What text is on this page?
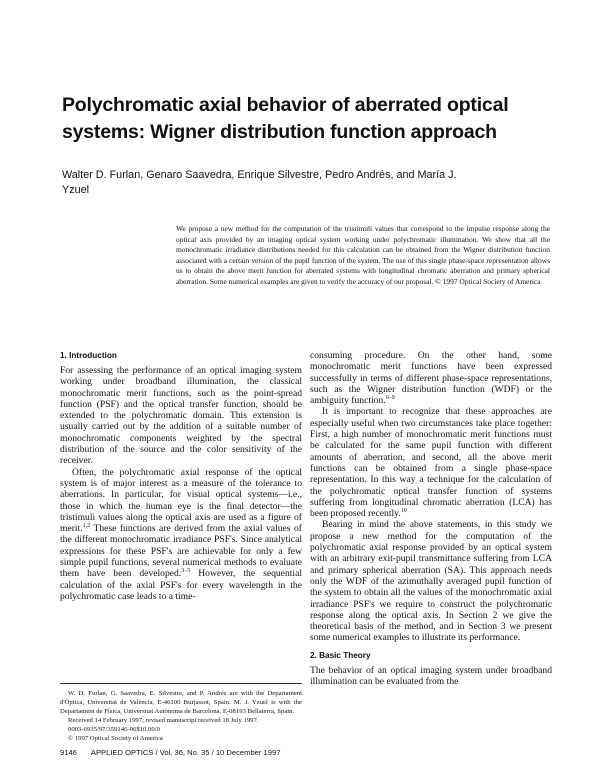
Polychromatic axial behavior of aberrated optical
systems: Wigner distribution function approach
Walter D. Furlan, Genaro Saavedra, Enrique Silvestre, Pedro Andrés, and María J. Yzuel
We propose a new method for the computation of the tristimuli values that correspond to the impulse response along the optical axis provided by an imaging optical system working under polychromatic illumination. We show that all the monochromatic irradiance distributions needed for this calculation can be obtained from the Wigner distribution function associated with a certain version of the pupil function of the system. The use of this single phase-space representation allows us to obtain the above merit function for aberrated systems with longitudinal chromatic aberration and primary spherical aberration. Some numerical examples are given to verify the accuracy of our proposal. © 1997 Optical Society of America
1. Introduction

For assessing the performance of an optical imaging system working under broadband illumination, the classical monochromatic merit functions, such as the point-spread function (PSF) and the optical transfer function, should be extended to the polychromatic domain. This extension is usually carried out by the addition of a suitable number of monochromatic components weighted by the spectral distribution of the source and the color sensitivity of the receiver.

Often, the polychromatic axial response of the optical system is of major interest as a measure of the tolerance to aberrations. In particular, for visual optical systems—i.e., those in which the human eye is the final detector—the tristimuli values along the optical axis are used as a figure of merit.$^{1,2}$ These functions are derived from the axial values of the different monochromatic irradiance PSF's. Since analytical expressions for these PSF's are achievable for only a few simple pupil functions, several numerical methods to evaluate them have been developed.$^{3-5}$ However, the sequential calculation of the axial PSF's for every wavelength in the polychromatic case leads to a time-

consuming procedure. On the other hand, some monochromatic merit functions have been expressed successfully in terms of different phase-space representations, such as the Wigner distribution function (WDF) or the ambiguity function.$^{6-9}$

It is important to recognize that these approaches are especially useful when two circumstances take place together: First, a high number of monochromatic merit functions must be calculated for the same pupil function with different amounts of aberration, and second, all the above merit functions can be obtained from a single phase-space representation. In this way a technique for the calculation of the polychromatic optical transfer function of systems suffering from longitudinal chromatic aberration (LCA) has been proposed recently.$^{10}$

Bearing in mind the above statements, in this study we propose a new method for the computation of the polychromatic axial response provided by an optical system with an arbitrary exit-pupil transmittance suffering from LCA and primary spherical aberration (SA). This approach needs only the WDF of the azimuthally averaged pupil function of the system to obtain all the values of the monochromatic axial irradiance PSF's we require to construct the polychromatic response along the optical axis. In Section 2 we give the theoretical basis of the method, and in Section 3 we present some numerical examples to illustrate its performance.

2. Basic Theory

The behavior of an optical imaging system under broadband illumination can be evaluated from the

W. D. Furlan, G. Saavedra, E. Silvestre, and P. Andrés are with the Departament d'Òptica, Universitat de València, E-46100 Burjassot, Spain. M. J. Yzuel is with the Departament de Física, Universitat Autònoma de Barcelona, E-08193 Bellaterra, Spain.

Received 14 February 1997; revised manuscript received 18 July 1997.

0003-6935/97/359146-06$10.00/0

© 1997 Optical Society of America

9146 APPLIED OPTICS / Vol. 36, No. 35 / 10 December 1997
